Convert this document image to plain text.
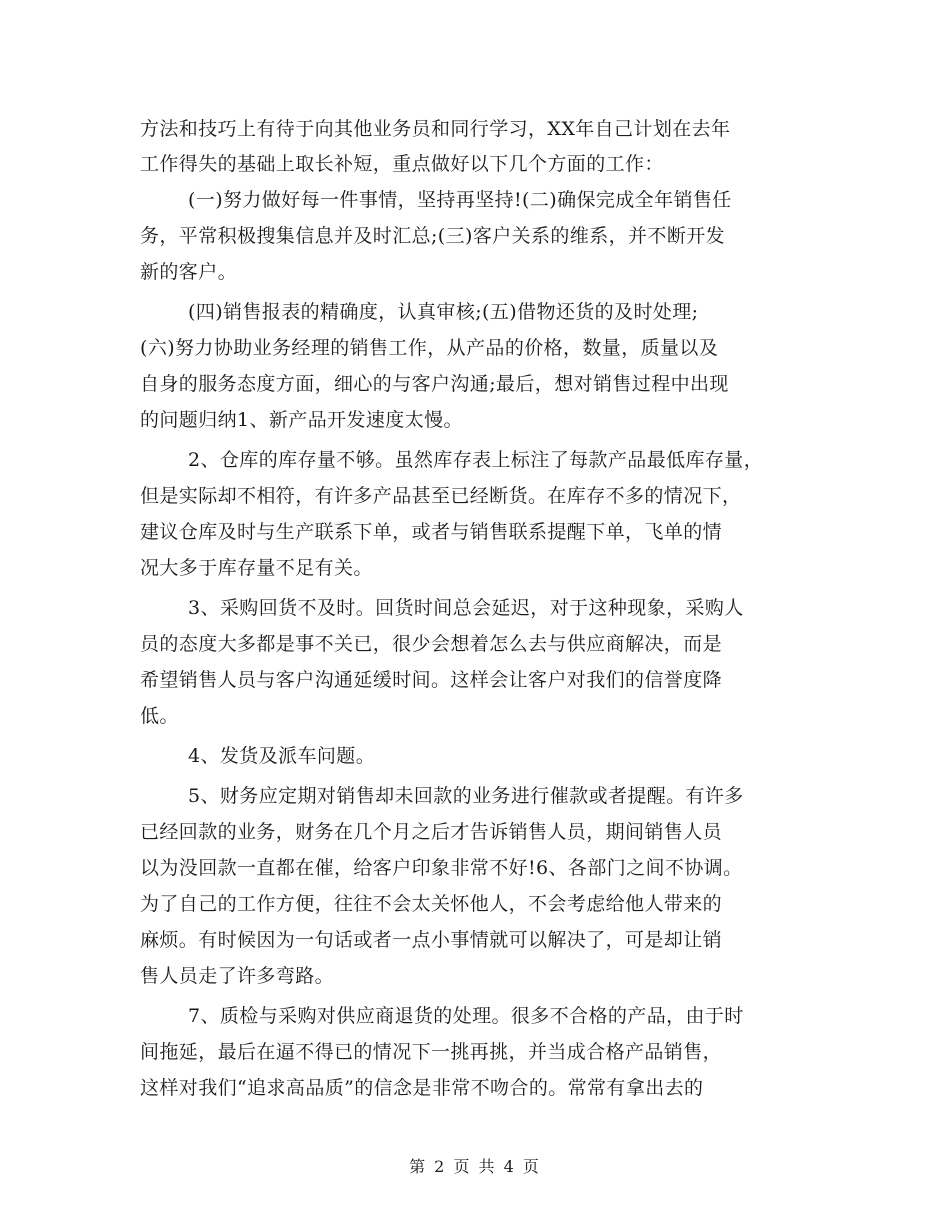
方法和技巧上有待于向其他业务员和同行学习，XX年自己计划在去年
工作得失的基础上取长补短，重点做好以下几个方面的工作：
(一)努力做好每一件事情，坚持再坚持!(二)确保完成全年销售任
务，平常积极搜集信息并及时汇总;(三)客户关系的维系，并不断开发
新的客户。
(四)销售报表的精确度，认真审核;(五)借物还货的及时处理;
(六)努力协助业务经理的销售工作，从产品的价格，数量，质量以及
自身的服务态度方面，细心的与客户沟通;最后，想对销售过程中出现
的问题归纳1、新产品开发速度太慢。
2、仓库的库存量不够。虽然库存表上标注了每款产品最低库存量，
但是实际却不相符，有许多产品甚至已经断货。在库存不多的情况下，
建议仓库及时与生产联系下单，或者与销售联系提醒下单，飞单的情
况大多于库存量不足有关。
3、采购回货不及时。回货时间总会延迟，对于这种现象，采购人
员的态度大多都是事不关已，很少会想着怎么去与供应商解决，而是
希望销售人员与客户沟通延缓时间。这样会让客户对我们的信誉度降
低。
4、发货及派车问题。
5、财务应定期对销售却未回款的业务进行催款或者提醒。有许多
已经回款的业务，财务在几个月之后才告诉销售人员，期间销售人员
以为没回款一直都在催，给客户印象非常不好!6、各部门之间不协调。
为了自己的工作方便，往往不会太关怀他人，不会考虑给他人带来的
麻烦。有时候因为一句话或者一点小事情就可以解决了，可是却让销
售人员走了许多弯路。
7、质检与采购对供应商退货的处理。很多不合格的产品，由于时
间拖延，最后在逼不得已的情况下一挑再挑，并当成合格产品销售，
这样对我们“追求高品质”的信念是非常不吻合的。常常有拿出去的
第 2 页 共 4 页
